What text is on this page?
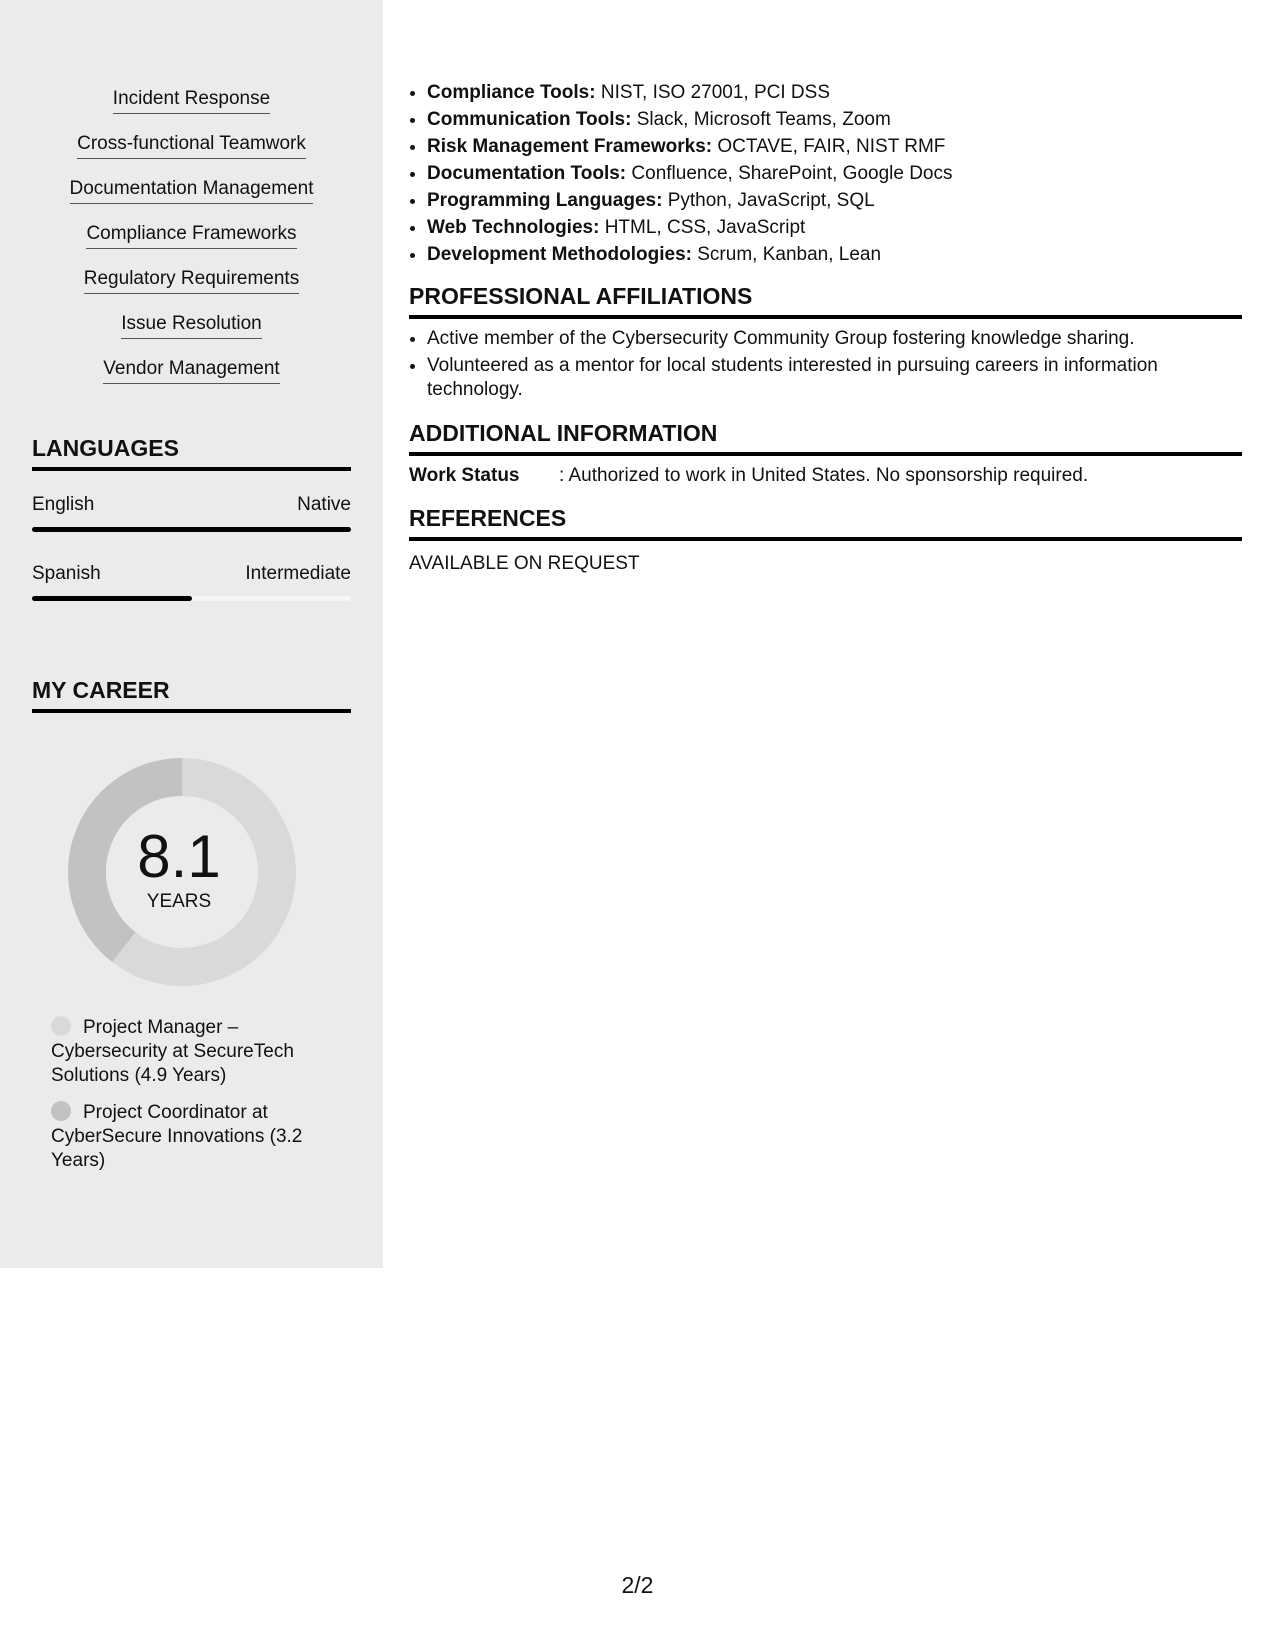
Incident Response
Cross-functional Teamwork
Documentation Management
Compliance Frameworks
Regulatory Requirements
Issue Resolution
Vendor Management
LANGUAGES
English	Native
Spanish	Intermediate
MY CAREER
8.1
YEARS
Project Manager – Cybersecurity at SecureTech Solutions (4.9 Years)
Project Coordinator at CyberSecure Innovations (3.2 Years)
• Compliance Tools: NIST, ISO 27001, PCI DSS
• Communication Tools: Slack, Microsoft Teams, Zoom
• Risk Management Frameworks: OCTAVE, FAIR, NIST RMF
• Documentation Tools: Confluence, SharePoint, Google Docs
• Programming Languages: Python, JavaScript, SQL
• Web Technologies: HTML, CSS, JavaScript
• Development Methodologies: Scrum, Kanban, Lean
PROFESSIONAL AFFILIATIONS
• Active member of the Cybersecurity Community Group fostering knowledge sharing.
• Volunteered as a mentor for local students interested in pursuing careers in information technology.
ADDITIONAL INFORMATION
Work Status	: Authorized to work in United States. No sponsorship required.
REFERENCES
AVAILABLE ON REQUEST
2/2
